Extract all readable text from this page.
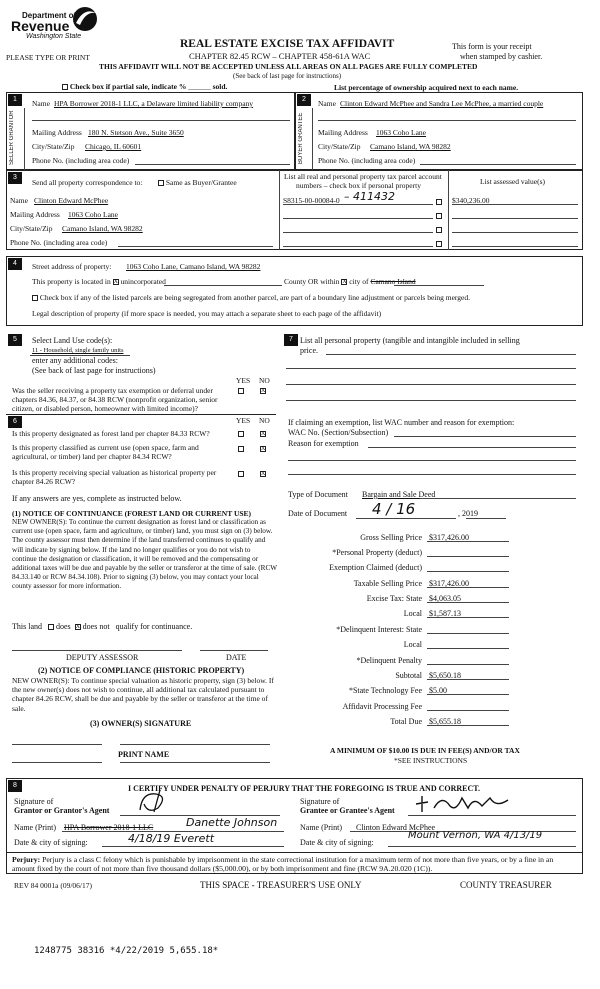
Department of
Revenue
Washington State
PLEASE TYPE OR PRINT
REAL ESTATE EXCISE TAX AFFIDAVIT
CHAPTER 82.45 RCW – CHAPTER 458-61A WAC
THIS AFFIDAVIT WILL NOT BE ACCEPTED UNLESS ALL AREAS ON ALL PAGES ARE FULLY COMPLETED
(See back of last page for instructions)
This form is your receipt
when stamped by cashier.
Check box if partial sale, indicate % ______ sold.	List percentage of ownership acquired next to each name.
1
SELLER GRANTOR
Name HPA Borrower 2018-1 LLC, a Delaware limited liability company
Mailing Address 180 N. Stetson Ave., Suite 3650
City/State/Zip Chicago, IL 60601
Phone No. (including area code)
2
BUYER GRANTEE
Name Clinton Edward McPhee and Sandra Lee McPhee, a married couple
Mailing Address 1063 Coho Lane
City/State/Zip Camano Island, WA 98282
Phone No. (including area code)
3
Send all property correspondence to:	Same as Buyer/Grantee
List all real and personal property tax parcel account
numbers – check box if personal property	List assessed value(s)
Name Clinton Edward McPhee
Mailing Address 1063 Coho Lane
City/State/Zip Camano Island, WA 98282
Phone No. (including area code)
S8315-00-00084-0 – 411432	$340,236.00
4	Street address of property: 1063 Coho Lane, Camano Island, WA 98282
This property is located in X unincorporated	County OR within X city of Camano Island
Check box if any of the listed parcels are being segregated from another parcel, are part of a boundary line adjustment or parcels being merged.
Legal description of property (if more space is needed, you may attach a separate sheet to each page of the affidavit)
5	Select Land Use code(s):
11 - Household, single family units
enter any additional codes:
(See back of last page for instructions)
YES NO
Was the seller receiving a property tax exemption or deferral under chapters 84.36, 84.37, or 84.38 RCW (nonprofit organization, senior citizen, or disabled person, homeowner with limited income)?
X
7 List all personal property (tangible and intangible included in selling
price.
6	YES NO
Is this property designated as forest land per chapter 84.33 RCW?	X
Is this property classified as current use (open space, farm and agricultural, or timber) land per chapter 84.34 RCW?
X
Is this property receiving special valuation as historical property per chapter 84.26 RCW?
X
If any answers are yes, complete as instructed below.
(1) NOTICE OF CONTINUANCE (FOREST LAND OR CURRENT USE)
NEW OWNER(S): To continue the current designation as forest land or classification as current use (open space, farm and agriculture, or timber) land, you must sign on (3) below. The county assessor must then determine if the land transferred continues to qualify and will indicate by signing below. If the land no longer qualifies or you do not wish to continue the designation or classification, it will be removed and the compensating or additional taxes will be due and payable by the seller or transferor at the time of sale. (RCW 84.33.140 or RCW 84.34.108). Prior to signing (3) below, you may contact your local county assessor for more information.
This land does X does not qualify for continuance.
DEPUTY ASSESSOR	DATE
(2) NOTICE OF COMPLIANCE (HISTORIC PROPERTY)
NEW OWNER(S): To continue special valuation as historic property, sign (3) below. If the new owner(s) does not wish to continue, all additional tax calculated pursuant to chapter 84.26 RCW, shall be due and payable by the seller or transferor at the time of sale.
(3) OWNER(S) SIGNATURE
PRINT NAME
If claiming an exemption, list WAC number and reason for exemption:
WAC No. (Section/Subsection)
Reason for exemption
Type of Document Bargain and Sale Deed
Date of Document 4 / 16	, 2019
Gross Selling Price $317,426.00
*Personal Property (deduct)
Exemption Claimed (deduct)
Taxable Selling Price $317,426.00
Excise Tax: State $4,063.05
Local $1,587.13
*Delinquent Interest: State
Local
*Delinquent Penalty
Subtotal $5,650.18
*State Technology Fee $5.00
Affidavit Processing Fee
Total Due $5,655.18
A MINIMUM OF $10.00 IS DUE IN FEE(S) AND/OR TAX
*SEE INSTRUCTIONS
8	I CERTIFY UNDER PENALTY OF PERJURY THAT THE FOREGOING IS TRUE AND CORRECT.
Signature of
Grantor or Grantor's Agent
Signature of
Grantee or Grantee's Agent
Name (Print) HPA Borrower 2018-1 LLC	Danette Johnson	Name (Print) Clinton Edward McPhee
Date & city of signing:	4/18/19 Everett	Date & city of signing:
Mount Vernon, WA 4/13/19
Perjury: Perjury is a class C felony which is punishable by imprisonment in the state correctional institution for a maximum term of not more than five years, or by a fine in an amount fixed by the court of not more than five thousand dollars ($5,000.00), or by both imprisonment and fine (RCW 9A.20.020 (1C)).
REV 84 0001a (09/06/17)	THIS SPACE - TREASURER'S USE ONLY	COUNTY TREASURER
1248775 38316 *4/22/2019 5,655.18*
